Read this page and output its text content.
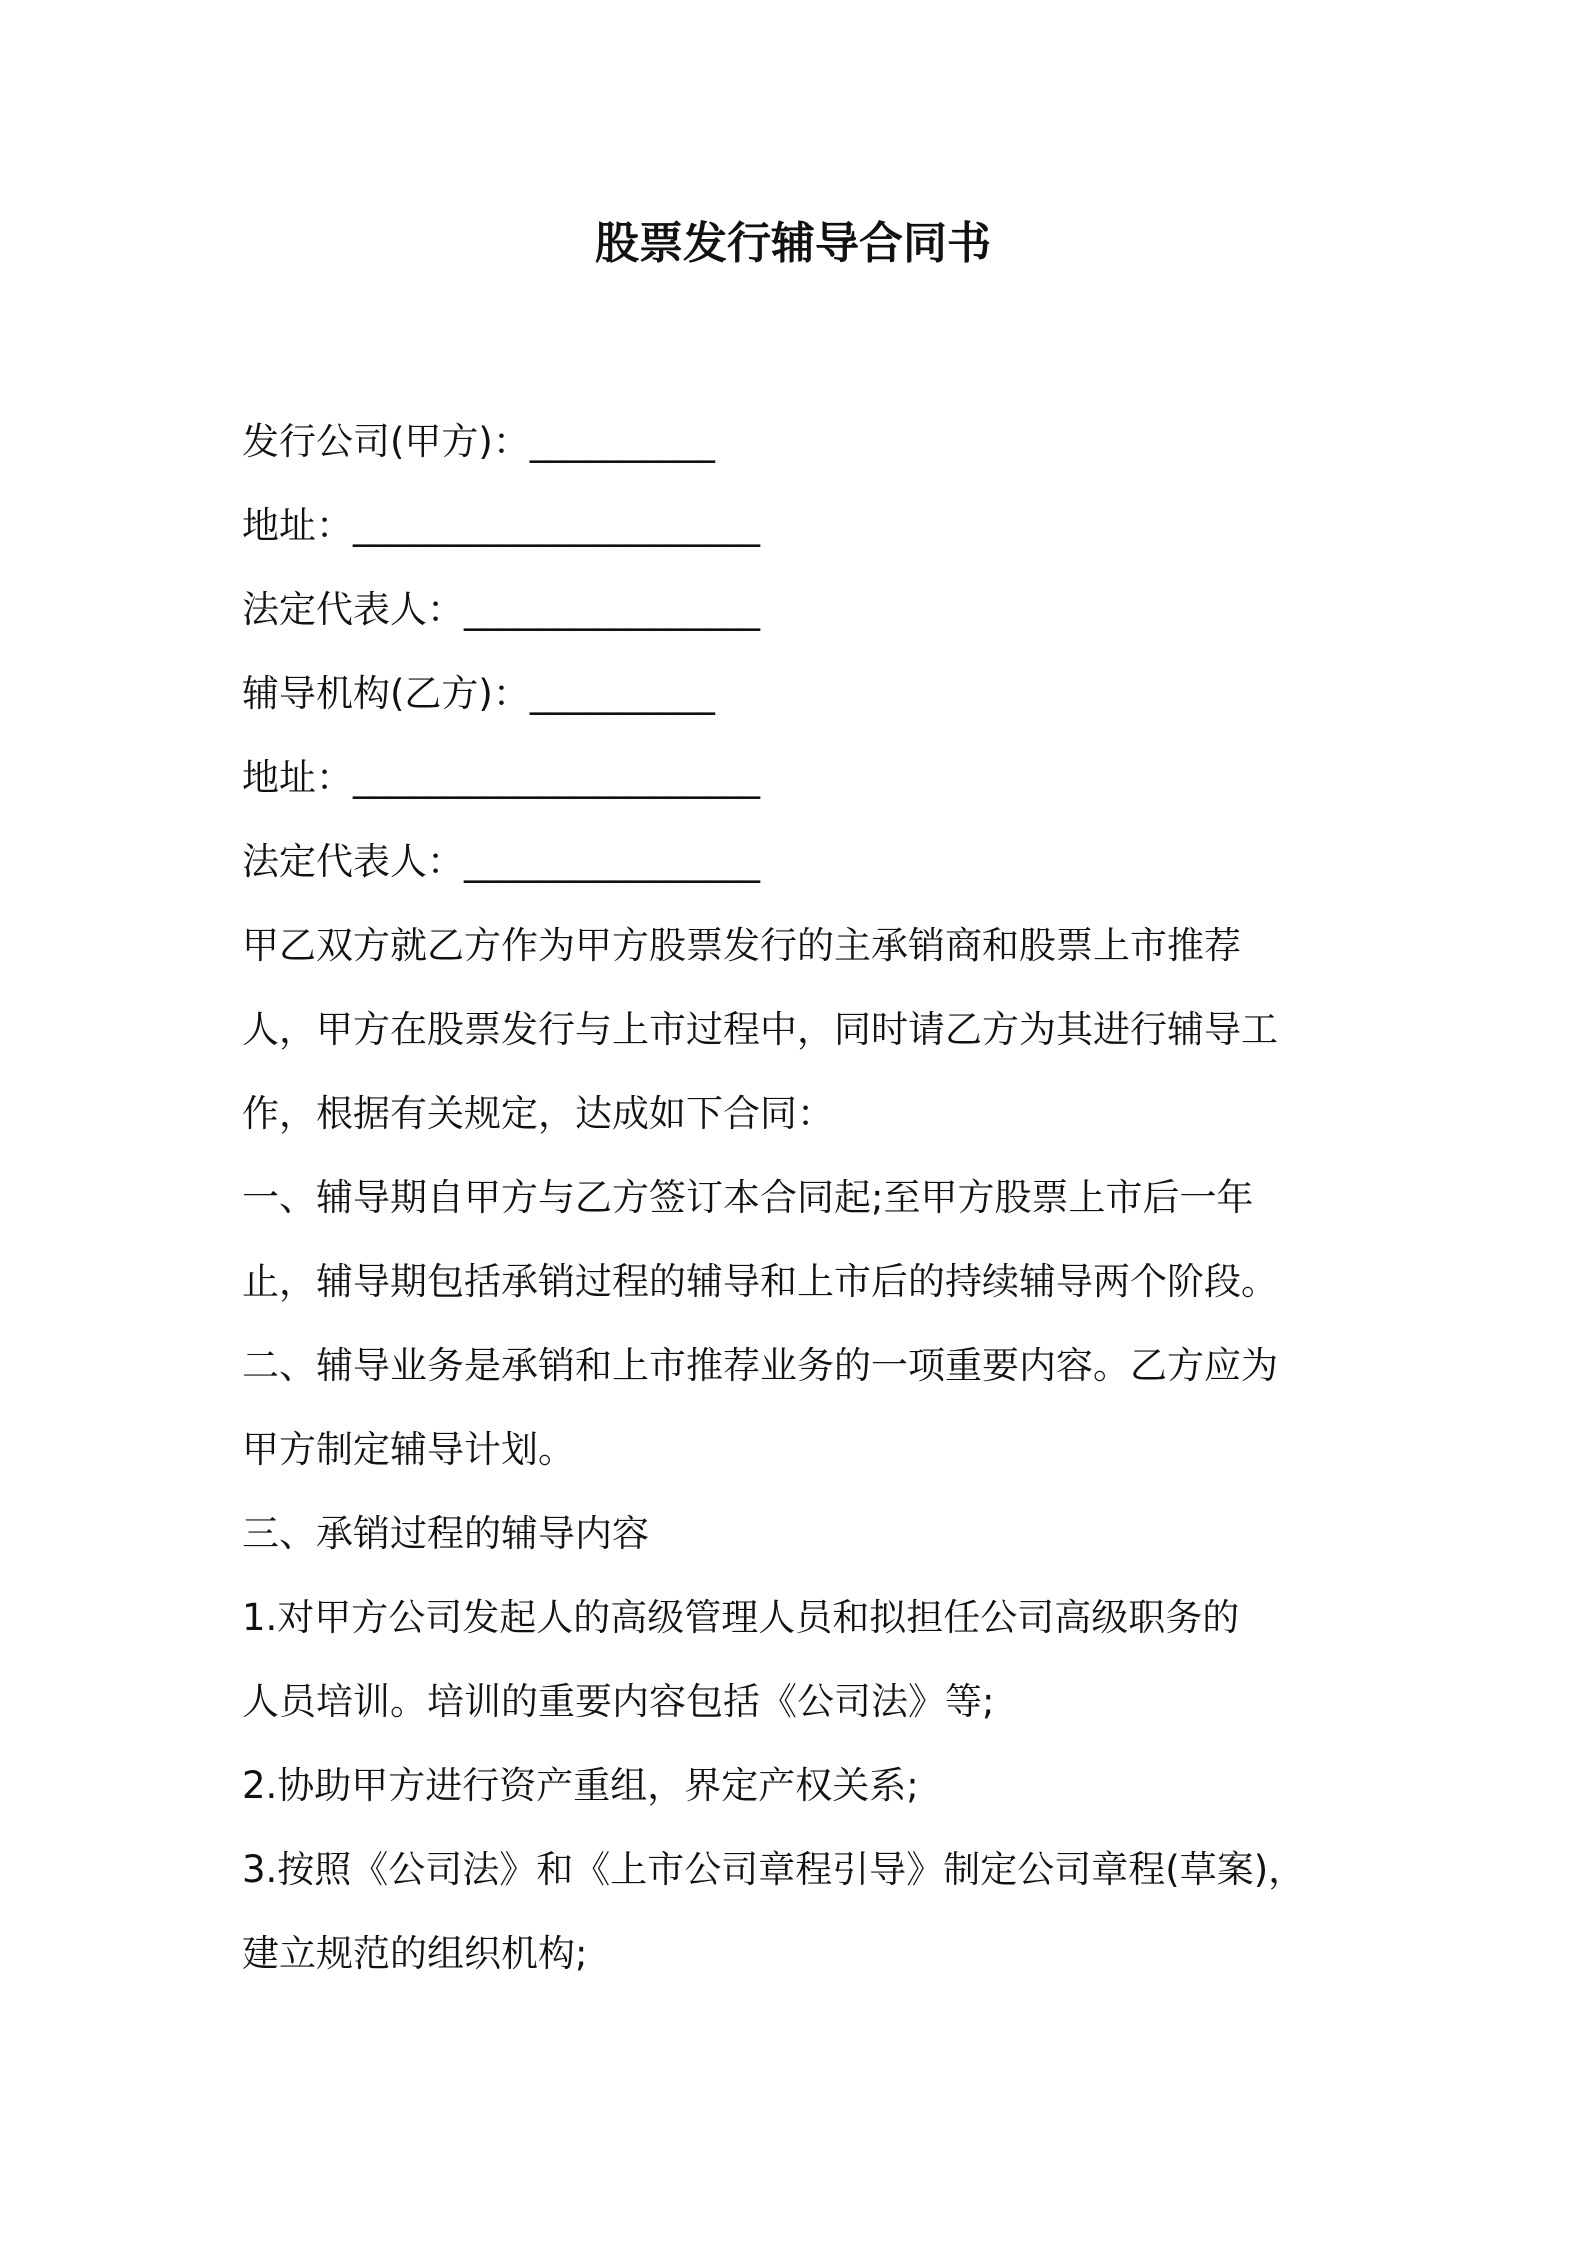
股票发行辅导合同书
发行公司(甲方)：__________
地址：______________________
法定代表人：________________
辅导机构(乙方)：__________
地址：______________________
法定代表人：________________
甲乙双方就乙方作为甲方股票发行的主承销商和股票上市推荐
人，甲方在股票发行与上市过程中，同时请乙方为其进行辅导工
作，根据有关规定，达成如下合同：
一、辅导期自甲方与乙方签订本合同起;至甲方股票上市后一年
止，辅导期包括承销过程的辅导和上市后的持续辅导两个阶段。
二、辅导业务是承销和上市推荐业务的一项重要内容。乙方应为
甲方制定辅导计划。
三、承销过程的辅导内容
1.对甲方公司发起人的高级管理人员和拟担任公司高级职务的
人员培训。培训的重要内容包括《公司法》等;
2.协助甲方进行资产重组，界定产权关系;
3.按照《公司法》和《上市公司章程引导》制定公司章程(草案)，
建立规范的组织机构;
